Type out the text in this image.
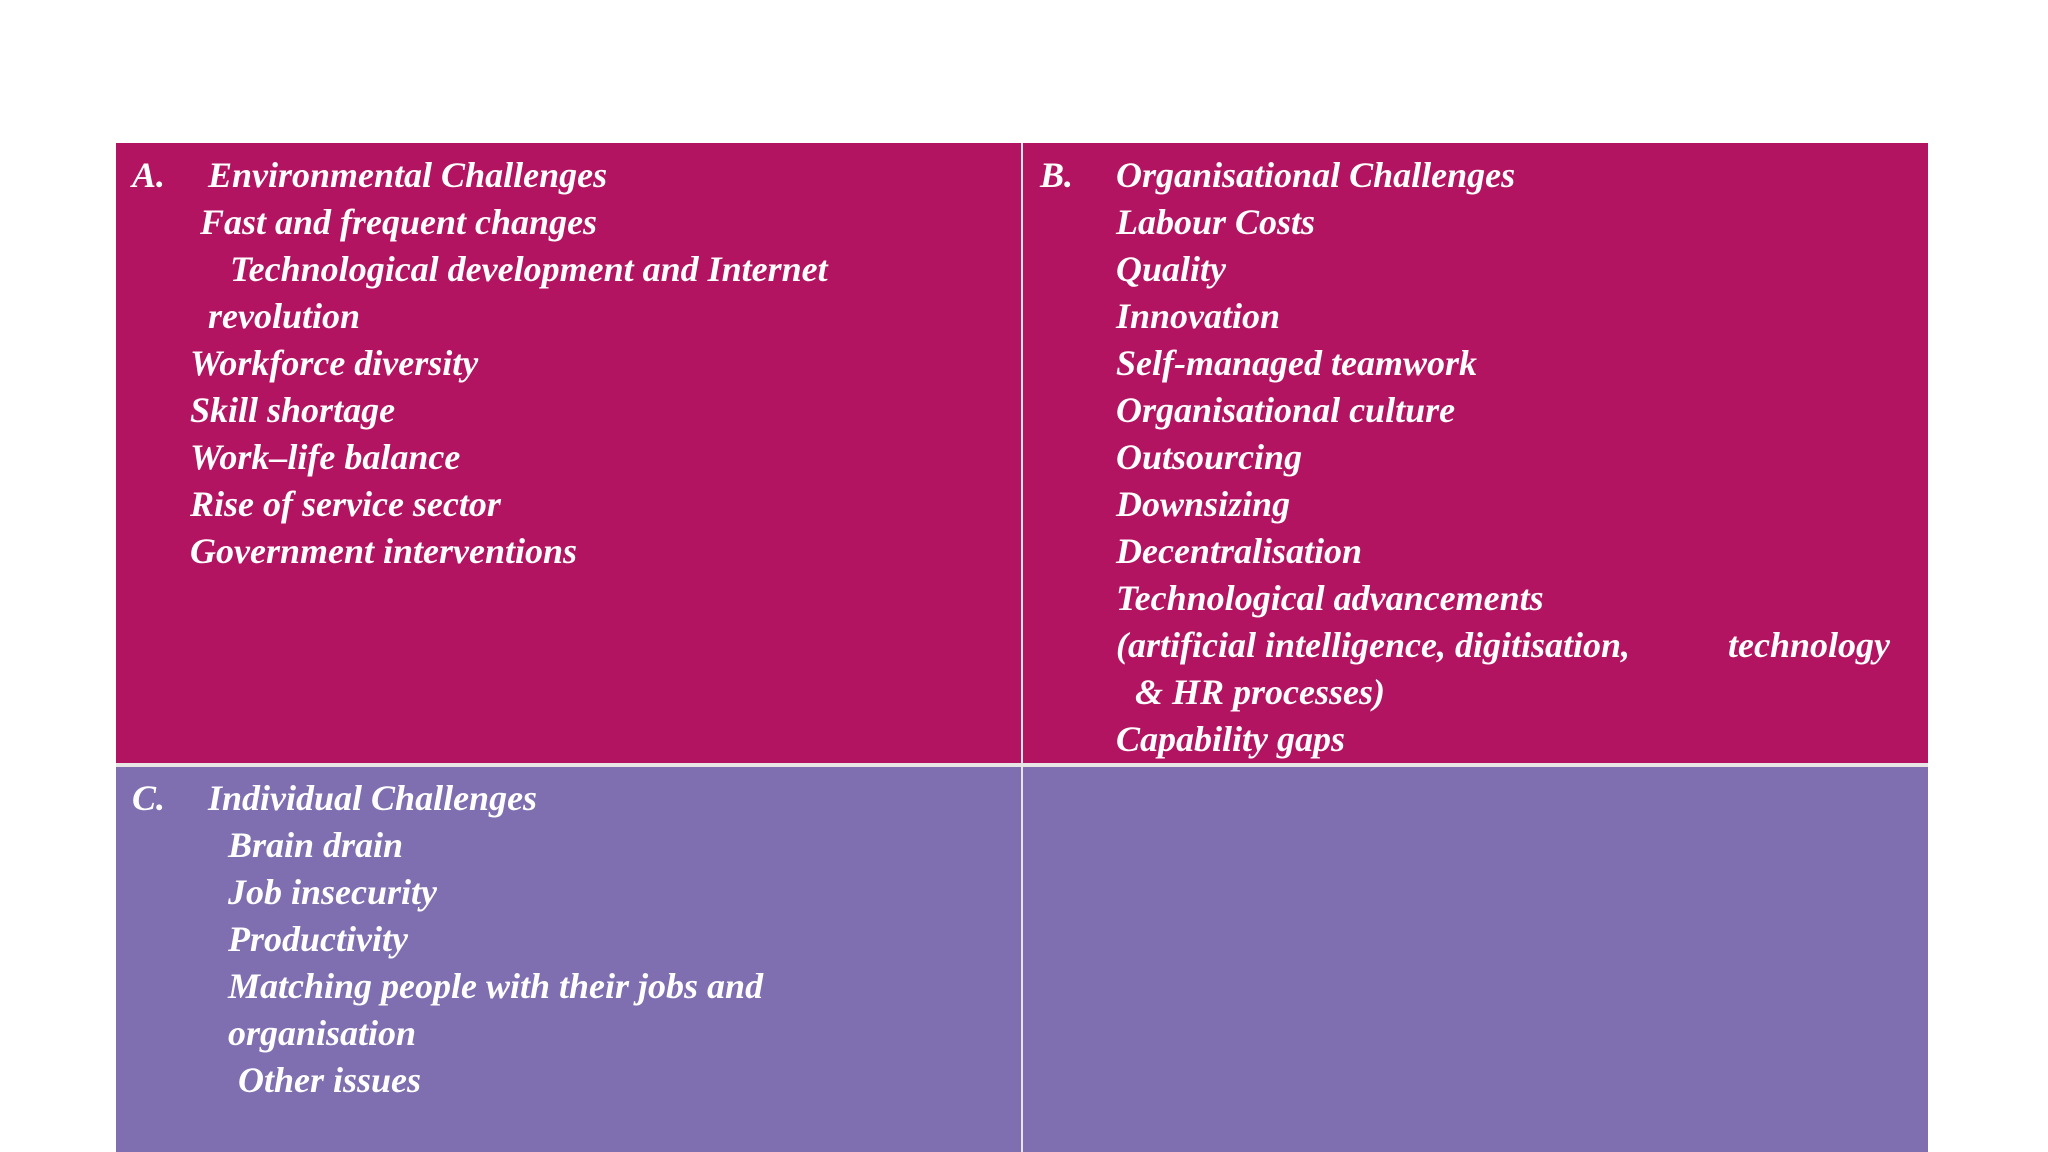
A. Environmental Challenges
Fast and frequent changes
Technological development and Internet
revolution
Workforce diversity
Skill shortage
Work–life balance
Rise of service sector
Government interventions
B. Organisational Challenges
Labour Costs
Quality
Innovation
Self-managed teamwork
Organisational culture
Outsourcing
Downsizing
Decentralisation
Technological advancements
(artificial intelligence, digitisation,	technology
& HR processes)
Capability gaps
C. Individual Challenges
Brain drain
Job insecurity
Productivity
Matching people with their jobs and
organisation
Other issues
